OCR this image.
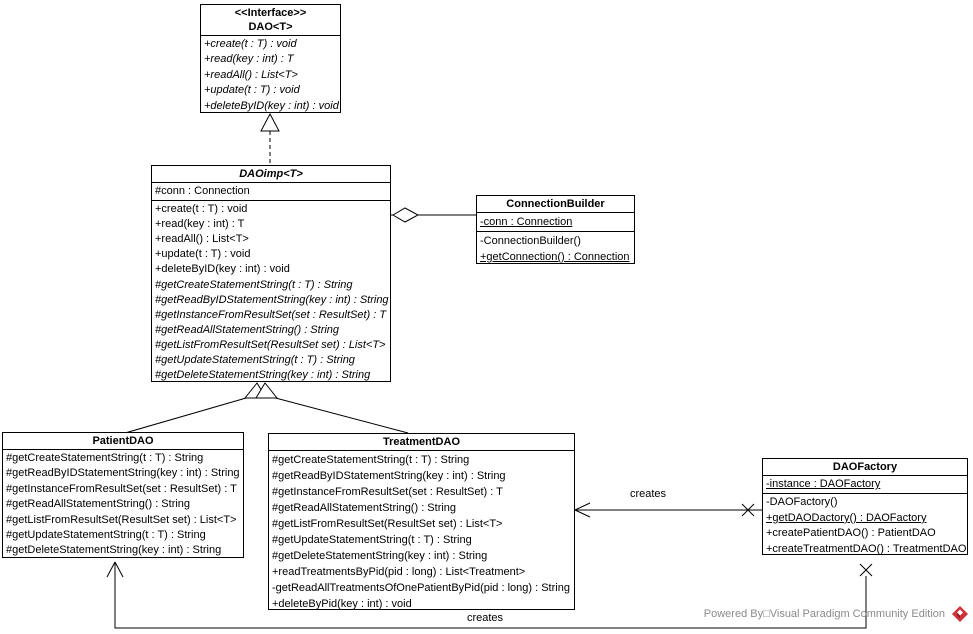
<<Interface>>
DAO<T>
+create(t : T) : void
+read(key : int) : T
+readAll() : List<T>
+update(t : T) : void
+deleteByID(key : int) : void
DAOimp<T>
#conn : Connection
+create(t : T) : void
+read(key : int) : T
+readAll() : List<T>
+update(t : T) : void
+deleteByID(key : int) : void
#getCreateStatementString(t : T) : String
#getReadByIDStatementString(key : int) : String
#getInstanceFromResultSet(set : ResultSet) : T
#getReadAllStatementString() : String
#getListFromResultSet(ResultSet set) : List<T>
#getUpdateStatementString(t : T) : String
#getDeleteStatementString(key : int) : String
ConnectionBuilder
-conn : Connection
-ConnectionBuilder()
+getConnection() : Connection
PatientDAO
#getCreateStatementString(t : T) : String
#getReadByIDStatementString(key : int) : String
#getInstanceFromResultSet(set : ResultSet) : T
#getReadAllStatementString() : String
#getListFromResultSet(ResultSet set) : List<T>
#getUpdateStatementString(t : T) : String
#getDeleteStatementString(key : int) : String
TreatmentDAO
#getCreateStatementString(t : T) : String
#getReadByIDStatementString(key : int) : String
#getInstanceFromResultSet(set : ResultSet) : T
#getReadAllStatementString() : String
#getListFromResultSet(ResultSet set) : List<T>
#getUpdateStatementString(t : T) : String
#getDeleteStatementString(key : int) : String
+readTreatmentsByPid(pid : long) : List<Treatment>
-getReadAllTreatmentsOfOnePatientByPid(pid : long) : String
+deleteByPid(key : int) : void
DAOFactory
-instance : DAOFactory
-DAOFactory()
+getDAODactory() : DAOFactory
+createPatientDAO() : PatientDAO
+createTreatmentDAO() : TreatmentDAO
creates
creates	Powered By□Visual Paradigm Community Edition
